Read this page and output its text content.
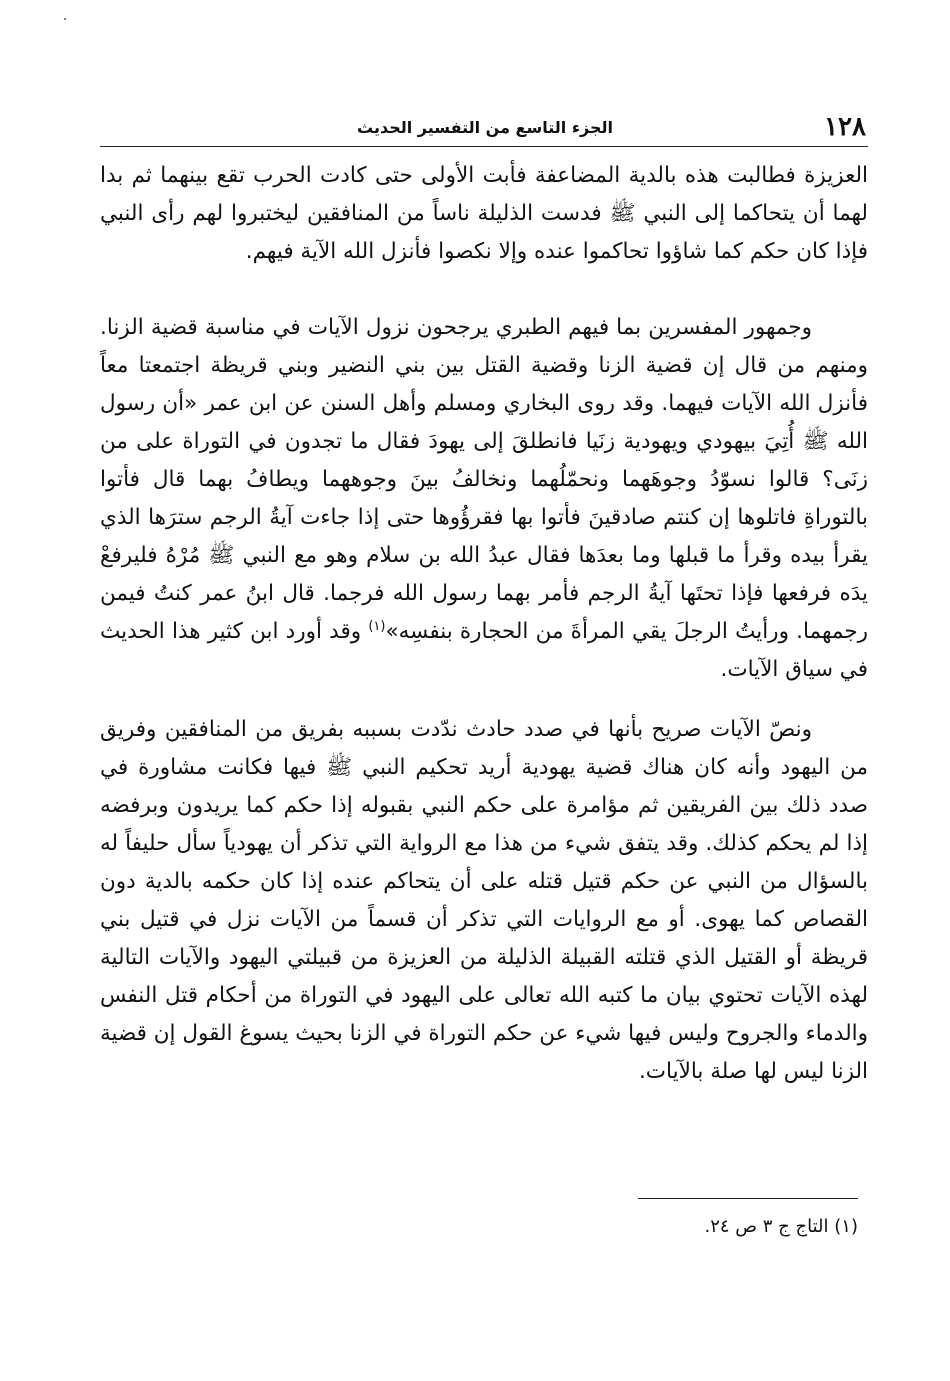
١٢٨
الجزء التاسع من التفسير الحديث

العزيزة فطالبت هذه بالدية المضاعفة فأبت الأولى حتى كادت الحرب تقع بينهما ثم بدا لهما أن يتحاكما إلى النبي ﷺ فدست الذليلة ناساً من المنافقين ليختبروا لهم رأى النبي فإذا كان حكم كما شاؤوا تحاكموا عنده وإلا نكصوا فأنزل الله الآية فيهم.

وجمهور المفسرين بما فيهم الطبري يرجحون نزول الآيات في مناسبة قضية الزنا. ومنهم من قال إن قضية الزنا وقضية القتل بين بني النضير وبني قريظة اجتمعتا معاً فأنزل الله الآيات فيهما. وقد روى البخاري ومسلم وأهل السنن عن ابن عمر «أن رسول الله ﷺ أُتِيَ بيهودي ويهودية زنَيا فانطلقَ إلى يهودَ فقال ما تجدون في التوراة على من زنَى؟ قالوا نسوّدُ وجوهَهما ونحمّلُهما ونخالفُ بينَ وجوههما ويطافُ بهما قال فأتوا بالتوراةِ فاتلوها إن كنتم صادقينَ فأتوا بها فقرؤُوها حتى إذا جاءت آيةُ الرجم سترَها الذي يقرأ بيده وقرأ ما قبلها وما بعدَها فقال عبدُ الله بن سلام وهو مع النبي ﷺ مُرْهُ فليرفعْ يدَه فرفعها فإذا تحتَها آيةُ الرجم فأمر بهما رسول الله فرجما. قال ابنُ عمر كنتُ فيمن رجمهما. ورأيتُ الرجلَ يقي المرأةَ من الحجارة بنفسِه»$^{(١)}$ وقد أورد ابن كثير هذا الحديث في سياق الآيات.

ونصّ الآيات صريح بأنها في صدد حادث ندّدت بسببه بفريق من المنافقين وفريق من اليهود وأنه كان هناك قضية يهودية أريد تحكيم النبي ﷺ فيها فكانت مشاورة في صدد ذلك بين الفريقين ثم مؤامرة على حكم النبي بقبوله إذا حكم كما يريدون وبرفضه إذا لم يحكم كذلك. وقد يتفق شيء من هذا مع الرواية التي تذكر أن يهودياً سأل حليفاً له بالسؤال من النبي عن حكم قتيل قتله على أن يتحاكم عنده إذا كان حكمه بالدية دون القصاص كما يهوى. أو مع الروايات التي تذكر أن قسماً من الآيات نزل في قتيل بني قريظة أو القتيل الذي قتلته القبيلة الذليلة من العزيزة من قبيلتي اليهود والآيات التالية لهذه الآيات تحتوي بيان ما كتبه الله تعالى على اليهود في التوراة من أحكام قتل النفس والدماء والجروح وليس فيها شيء عن حكم التوراة في الزنا بحيث يسوغ القول إن قضية الزنا ليس لها صلة بالآيات.

(١) التاج ج ٣ ص ٢٤.
